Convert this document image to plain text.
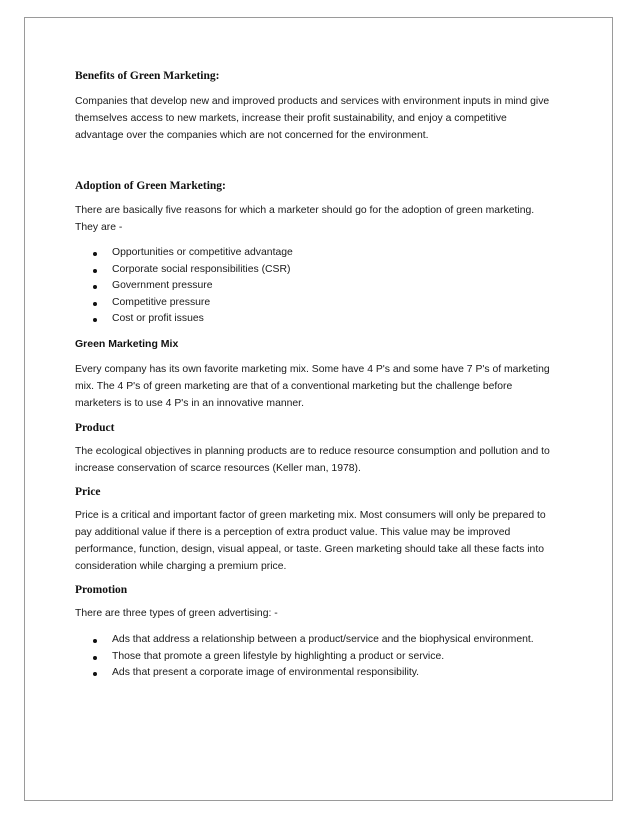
Benefits of Green Marketing:

Companies that develop new and improved products and services with environment inputs in mind give
themselves access to new markets, increase their profit sustainability, and enjoy a competitive
advantage over the companies which are not concerned for the environment.

Adoption of Green Marketing:

There are basically five reasons for which a marketer should go for the adoption of green marketing.
They are -

Opportunities or competitive advantage
Corporate social responsibilities (CSR)
Government pressure
Competitive pressure
Cost or profit issues
Green Marketing Mix

Every company has its own favorite marketing mix. Some have 4 P's and some have 7 P's of marketing
mix. The 4 P's of green marketing are that of a conventional marketing but the challenge before
marketers is to use 4 P's in an innovative manner.

Product

The ecological objectives in planning products are to reduce resource consumption and pollution and to
increase conservation of scarce resources (Keller man, 1978).

Price

Price is a critical and important factor of green marketing mix. Most consumers will only be prepared to
pay additional value if there is a perception of extra product value. This value may be improved
performance, function, design, visual appeal, or taste. Green marketing should take all these facts into
consideration while charging a premium price.

Promotion

There are three types of green advertising: -

Ads that address a relationship between a product/service and the biophysical environment.
Those that promote a green lifestyle by highlighting a product or service.
Ads that present a corporate image of environmental responsibility.
